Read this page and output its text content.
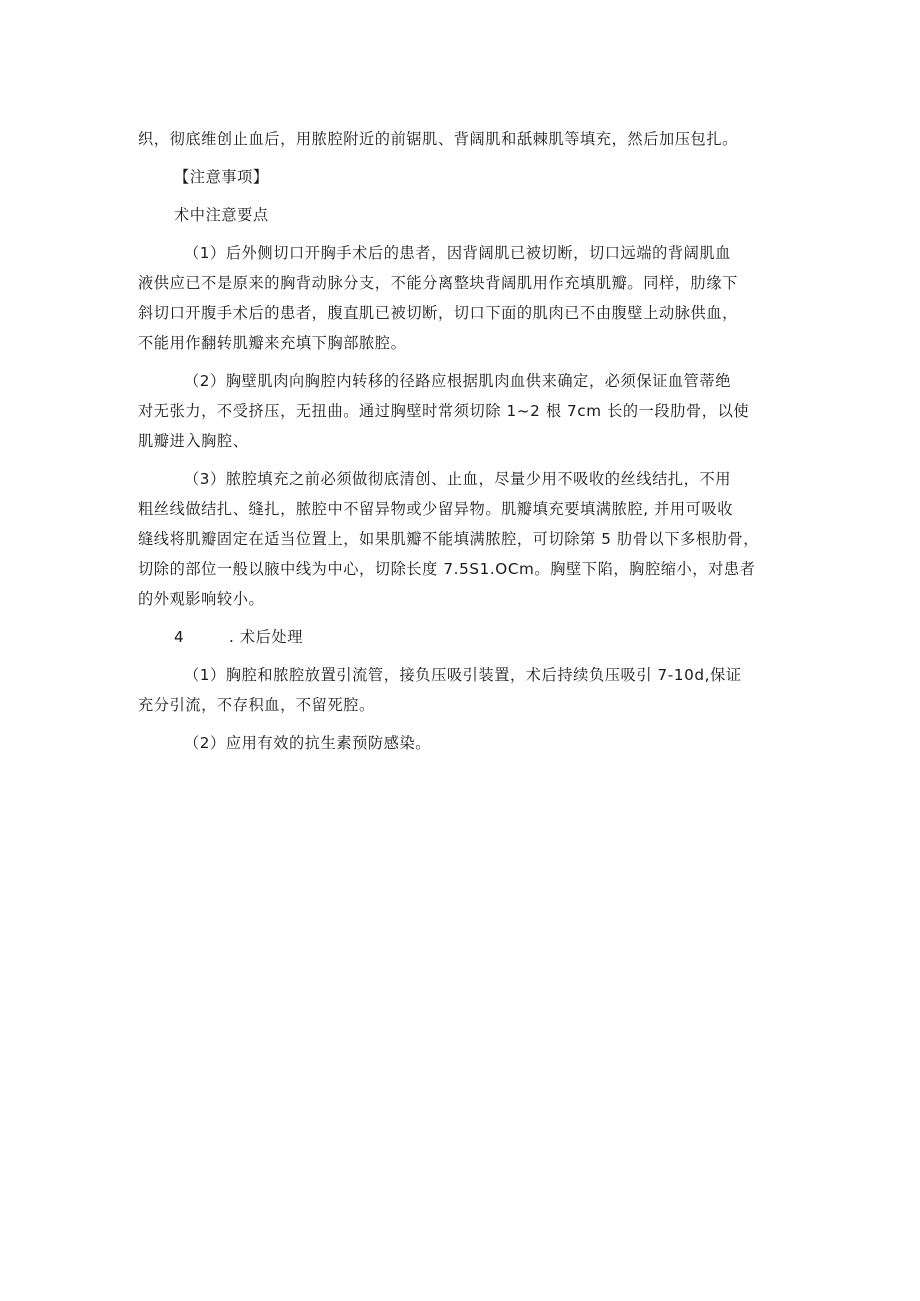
织，彻底维创止血后，用脓腔附近的前锯肌、背阔肌和舐棘肌等填充，然后加压包扎。
【注意事项】
术中注意要点
（1）后外侧切口开胸手术后的患者，因背阔肌已被切断，切口远端的背阔肌血
液供应已不是原来的胸背动脉分支，不能分离整块背阔肌用作充填肌瓣。同样，肋缘下
斜切口开腹手术后的患者，腹直肌已被切断，切口下面的肌肉已不由腹壁上动脉供血，
不能用作翻转肌瓣来充填下胸部脓腔。
（2）胸壁肌肉向胸腔内转移的径路应根据肌肉血供来确定，必须保证血管蒂绝
对无张力，不受挤压，无扭曲。通过胸壁时常须切除 1~2 根 7cm 长的一段肋骨，以使
肌瓣进入胸腔、
（3）脓腔填充之前必须做彻底清创、止血，尽量少用不吸收的丝线结扎，不用
粗丝线做结扎、缝扎，脓腔中不留异物或少留异物。肌瓣填充要填满脓腔, 并用可吸收
缝线将肌瓣固定在适当位置上，如果肌瓣不能填满脓腔，可切除第 5 肋骨以下多根肋骨，
切除的部位一般以腋中线为中心，切除长度 7.5S1.OCm。胸壁下陷，胸腔缩小，对患者
的外观影响较小。
4	. 术后处理
（1）胸腔和脓腔放置引流管，接负压吸引装置，术后持续负压吸引 7-10d,保证
充分引流，不存积血，不留死腔。
（2）应用有效的抗生素预防感染。
